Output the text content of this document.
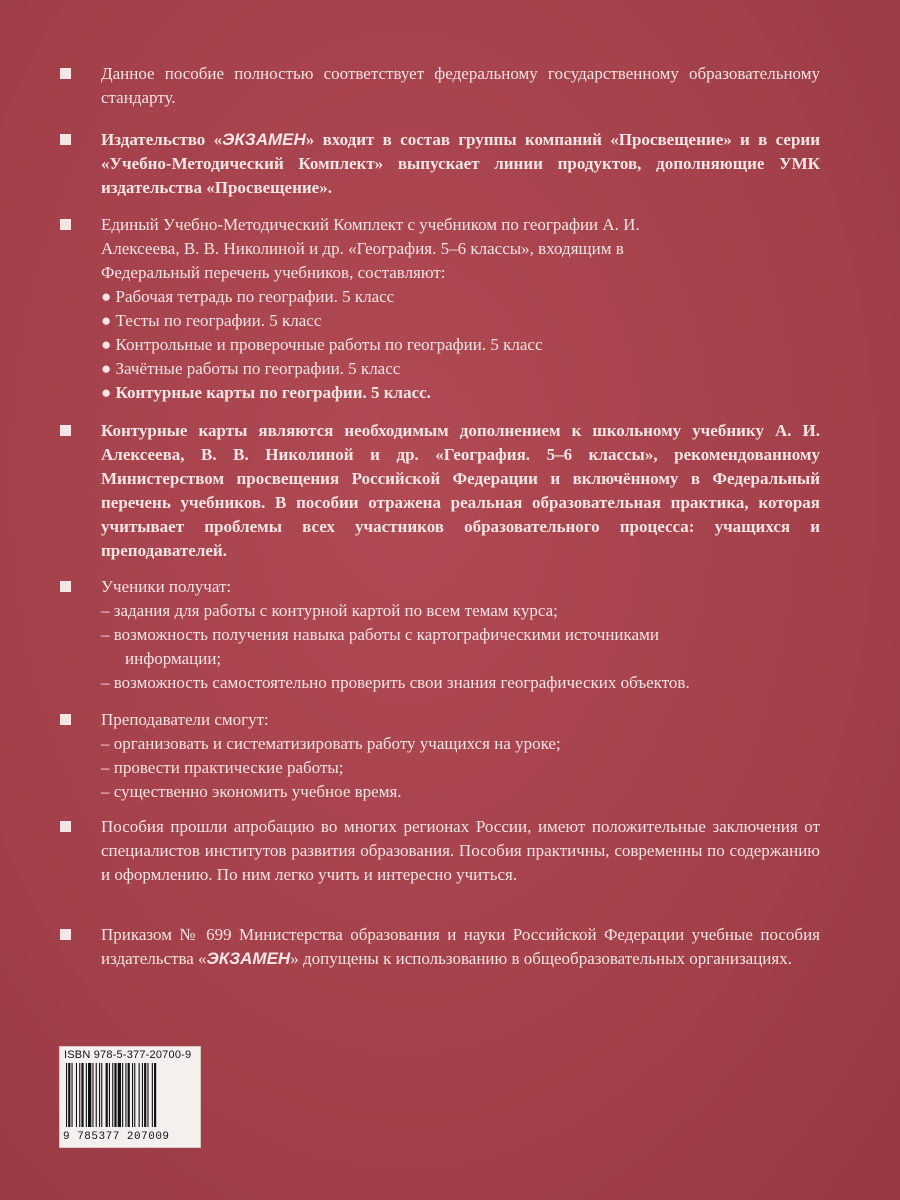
Данное пособие полностью соответствует федеральному государственному образовательному стандарту.

Издательство «ЭКЗАМЕН» входит в состав группы компаний «Просвещение» и в серии «Учебно-Методический Комплект» выпускает линии продуктов, дополняющие УМК издательства «Просвещение».

Единый Учебно-Методический Комплект с учебником по географии А. И. Алексеева, В. В. Николиной и др. «География. 5–6 классы», входящим в Федеральный перечень учебников, составляют:

● Рабочая тетрадь по географии. 5 класс
● Тесты по географии. 5 класс
● Контрольные и проверочные работы по географии. 5 класс
● Зачётные работы по географии. 5 класс
● Контурные карты по географии. 5 класс.

Контурные карты являются необходимым дополнением к школьному учебнику А. И. Алексеева, В. В. Николиной и др. «География. 5–6 классы», рекомендованному Министерством просвещения Российской Федерации и включённому в Федеральный перечень учебников. В пособии отражена реальная образовательная практика, которая учитывает проблемы всех участников образовательного процесса: учащихся и преподавателей.

Ученики получат:

– задания для работы с контурной картой по всем темам курса;
– возможность получения навыка работы с картографическими источниками
информации;
– возможность самостоятельно проверить свои знания географических объектов.

Преподаватели смогут:

– организовать и систематизировать работу учащихся на уроке;
– провести практические работы;
– существенно экономить учебное время.

Пособия прошли апробацию во многих регионах России, имеют положительные заключения от специалистов институтов развития образования. Пособия практичны, современны по содержанию и оформлению. По ним легко учить и интересно учиться.

Приказом № 699 Министерства образования и науки Российской Федерации учебные пособия издательства «ЭКЗАМЕН» допущены к использованию в общеобразовательных организациях.

ISBN 978-5-377-20700-9
9 785377 207009
